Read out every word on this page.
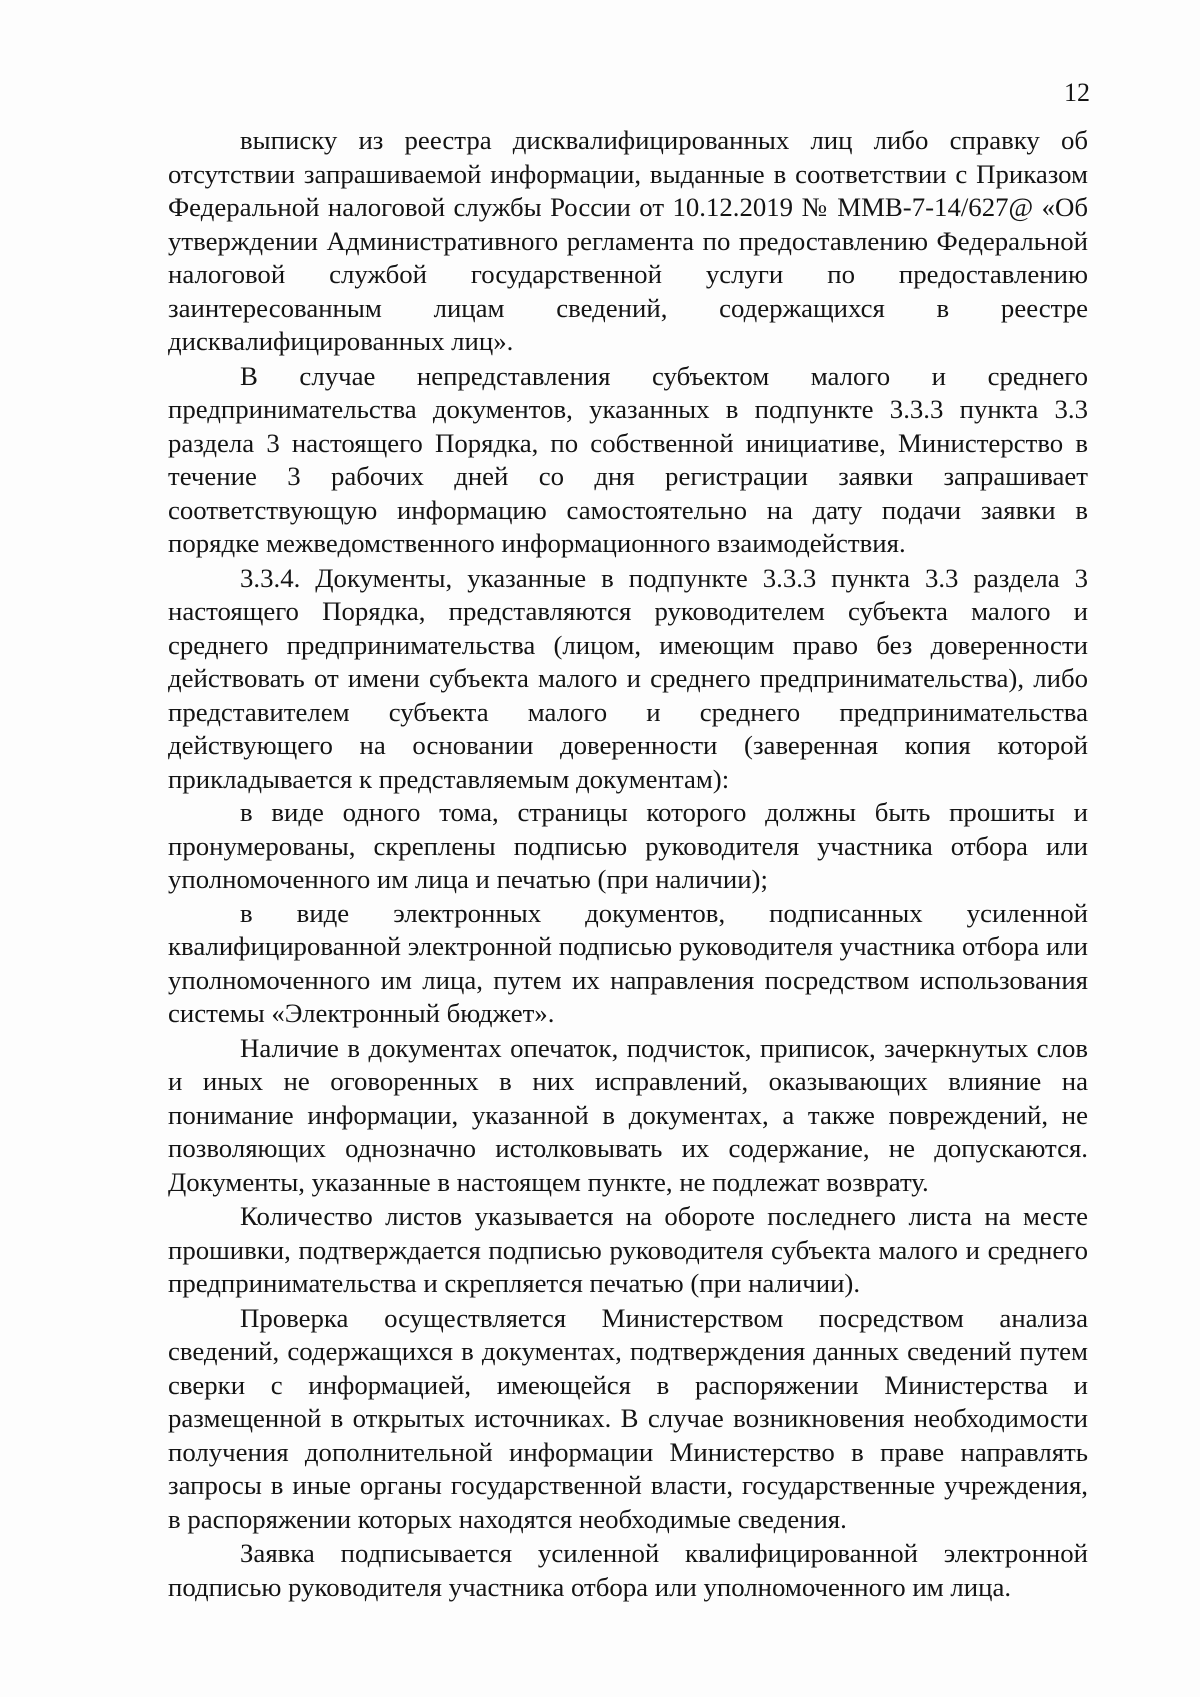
12

выписку из реестра дисквалифицированных лиц либо справку об отсутствии запрашиваемой информации, выданные в соответствии с Приказом Федеральной налоговой службы России от 10.12.2019 № ММВ-7-14/627@ «Об утверждении Административного регламента по предоставлению Федеральной налоговой службой государственной услуги по предоставлению заинтересованным лицам сведений, содержащихся в реестре дисквалифицированных лиц».

В случае непредставления субъектом малого и среднего предпринимательства документов, указанных в подпункте 3.3.3 пункта 3.3 раздела 3 настоящего Порядка, по собственной инициативе, Министерство в течение 3 рабочих дней со дня регистрации заявки запрашивает соответствующую информацию самостоятельно на дату подачи заявки в порядке межведомственного информационного взаимодействия.

3.3.4. Документы, указанные в подпункте 3.3.3 пункта 3.3 раздела 3 настоящего Порядка, представляются руководителем субъекта малого и среднего предпринимательства (лицом, имеющим право без доверенности действовать от имени субъекта малого и среднего предпринимательства), либо представителем субъекта малого и среднего предпринимательства действующего на основании доверенности (заверенная копия которой прикладывается к представляемым документам):

в виде одного тома, страницы которого должны быть прошиты и пронумерованы, скреплены подписью руководителя участника отбора или уполномоченного им лица и печатью (при наличии);

в виде электронных документов, подписанных усиленной квалифицированной электронной подписью руководителя участника отбора или уполномоченного им лица, путем их направления посредством использования системы «Электронный бюджет».

Наличие в документах опечаток, подчисток, приписок, зачеркнутых слов и иных не оговоренных в них исправлений, оказывающих влияние на понимание информации, указанной в документах, а также повреждений, не позволяющих однозначно истолковывать их содержание, не допускаются. Документы, указанные в настоящем пункте, не подлежат возврату.

Количество листов указывается на обороте последнего листа на месте прошивки, подтверждается подписью руководителя субъекта малого и среднего предпринимательства и скрепляется печатью (при наличии).

Проверка осуществляется Министерством посредством анализа сведений, содержащихся в документах, подтверждения данных сведений путем сверки с информацией, имеющейся в распоряжении Министерства и размещенной в открытых источниках. В случае возникновения необходимости получения дополнительной информации Министерство в праве направлять запросы в иные органы государственной власти, государственные учреждения, в распоряжении которых находятся необходимые сведения.

Заявка подписывается усиленной квалифицированной электронной подписью руководителя участника отбора или уполномоченного им лица.
